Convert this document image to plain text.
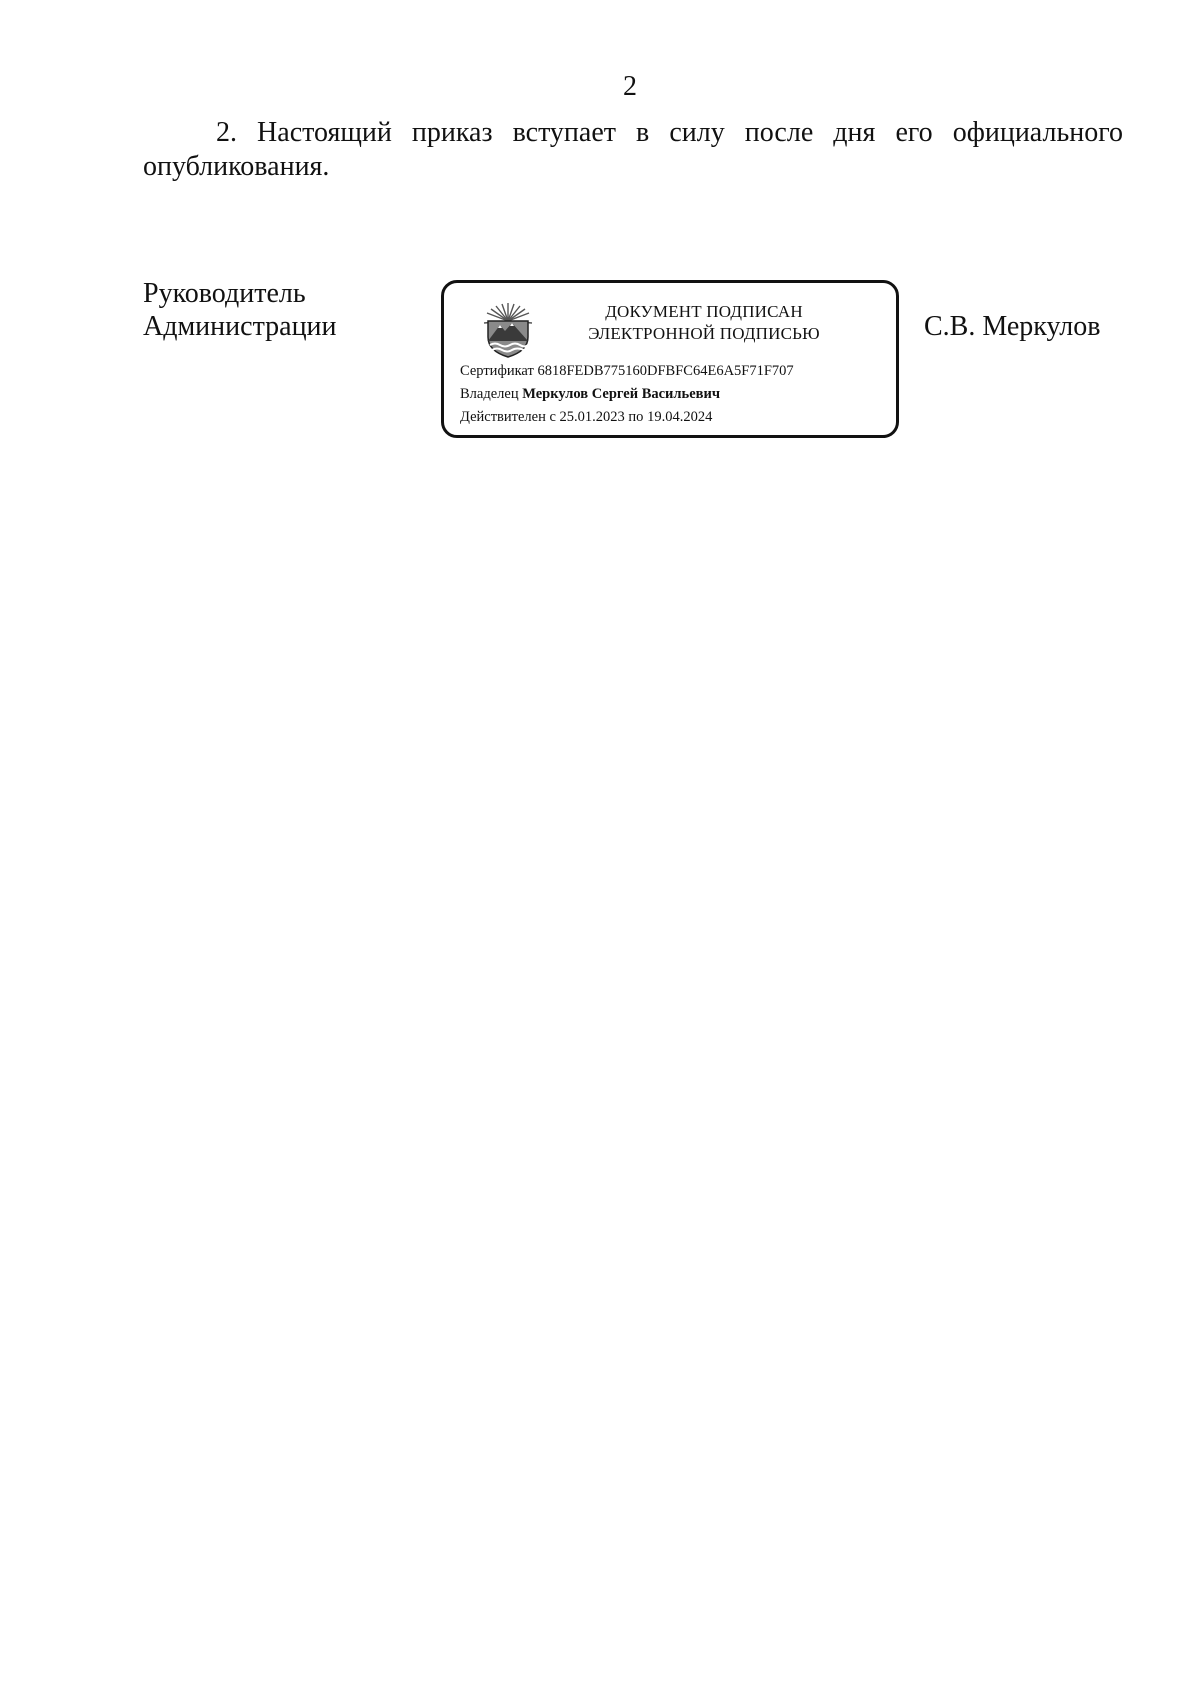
2
2. Настоящий приказ вступает в силу после дня его официального опубликования.
Руководитель
Администрации	ДОКУМЕНТ ПОДПИСАН
ЭЛЕКТРОННОЙ ПОДПИСЬЮ
Сертификат 6818FEDB775160DFBFC64E6A5F71F707
Владелец Меркулов Сергей Васильевич
Действителен с 25.01.2023 по 19.04.2024
С.В. Меркулов
